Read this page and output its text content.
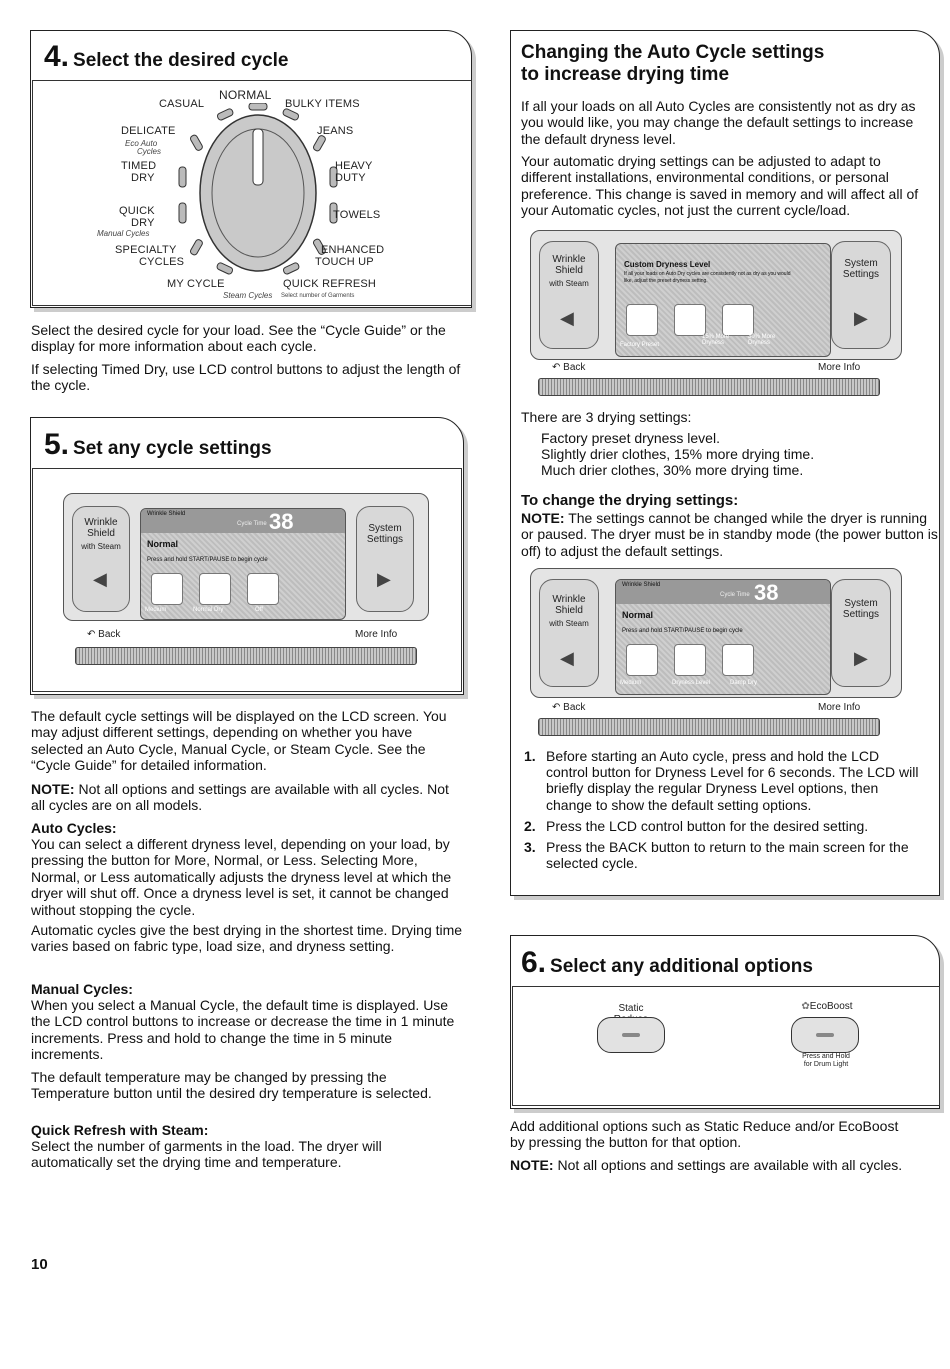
4. Select the desired cycle
NORMAL
CASUAL	BULKY ITEMS
DELICATE
Eco Auto
Cycles
JEANS
TIMED
DRY
HEAVY
DUTY
QUICK
DRY
Manual Cycles
TOWELS
SPECIALTY
CYCLES
ENHANCED
TOUCH UP
MY CYCLE	QUICK REFRESH
Steam Cycles Select number of Garments

Select the desired cycle for your load. See the “Cycle Guide” or the display for more information about each cycle.

If selecting Timed Dry, use LCD control buttons to adjust the length of the cycle.

5. Set any cycle settings
Wrinkle Shield
with Steam
◀
Wrinkle Shield
Cycle Time 38
Normal
Press and hold START/PAUSE to begin cycle
Medium	Normal Dry	Off
System Settings
▶
↶ Back	More Info

The default cycle settings will be displayed on the LCD screen. You may adjust different settings, depending on whether you have selected an Auto Cycle, Manual Cycle, or Steam Cycle. See the “Cycle Guide” for detailed information.

NOTE: Not all options and settings are available with all cycles. Not all cycles are on all models.

Auto Cycles:

You can select a different dryness level, depending on your load, by pressing the button for More, Normal, or Less. Selecting More, Normal, or Less automatically adjusts the dryness level at which the dryer will shut off. Once a dryness level is set, it cannot be changed without stopping the cycle.

Automatic cycles give the best drying in the shortest time. Drying time varies based on fabric type, load size, and dryness setting.

Manual Cycles:

When you select a Manual Cycle, the default time is displayed. Use the LCD control buttons to increase or decrease the time in 1 minute increments. Press and hold to change the time in 5 minute increments.

The default temperature may be changed by pressing the Temperature button until the desired dry temperature is selected.

Quick Refresh with Steam:

Select the number of garments in the load. The dryer will automatically set the drying time and temperature.

Changing the Auto Cycle settings
to increase drying time

If all your loads on all Auto Cycles are consistently not as dry as you would like, you may change the default settings to increase the default dryness level.

Your automatic drying settings can be adjusted to adapt to different installations, environmental conditions, or personal preference. This change is saved in memory and will affect all of your Automatic cycles, not just the current cycle/load.

Wrinkle Shield
with Steam
◀
Custom Dryness Level
If all your loads on Auto Dry cycles are consistently not as dry as you would like, adjust the preset dryness setting.
Factory Preset
15% More Dryness
30% More Dryness
System Settings
▶
↶ Back	More Info

There are 3 drying settings:

Factory preset dryness level.

Slightly drier clothes, 15% more drying time.

Much drier clothes, 30% more drying time.

To change the drying settings:

NOTE: The settings cannot be changed while the dryer is running or paused. The dryer must be in standby mode (the power button is off) to adjust the default settings.

Wrinkle Shield
with Steam
◀
Wrinkle Shield
Cycle Time 38
Normal
Press and hold START/PAUSE to begin cycle
Medium	Dryness Level	Damp Dry
System Settings
▶
↶ Back	More Info
1. Before starting an Auto cycle, press and hold the LCD control button for Dryness Level for 6 seconds. The LCD will briefly display the regular Dryness Level options, then change to show the default setting options.
2. Press the LCD control button for the desired setting.
3. Press the BACK button to return to the main screen for the selected cycle.
6. Select any additional options
Static	✿EcoBoost
Press and Hold
for Drum Light

Add additional options such as Static Reduce and/or EcoBoost by pressing the button for that option.

NOTE: Not all options and settings are available with all cycles.

10
